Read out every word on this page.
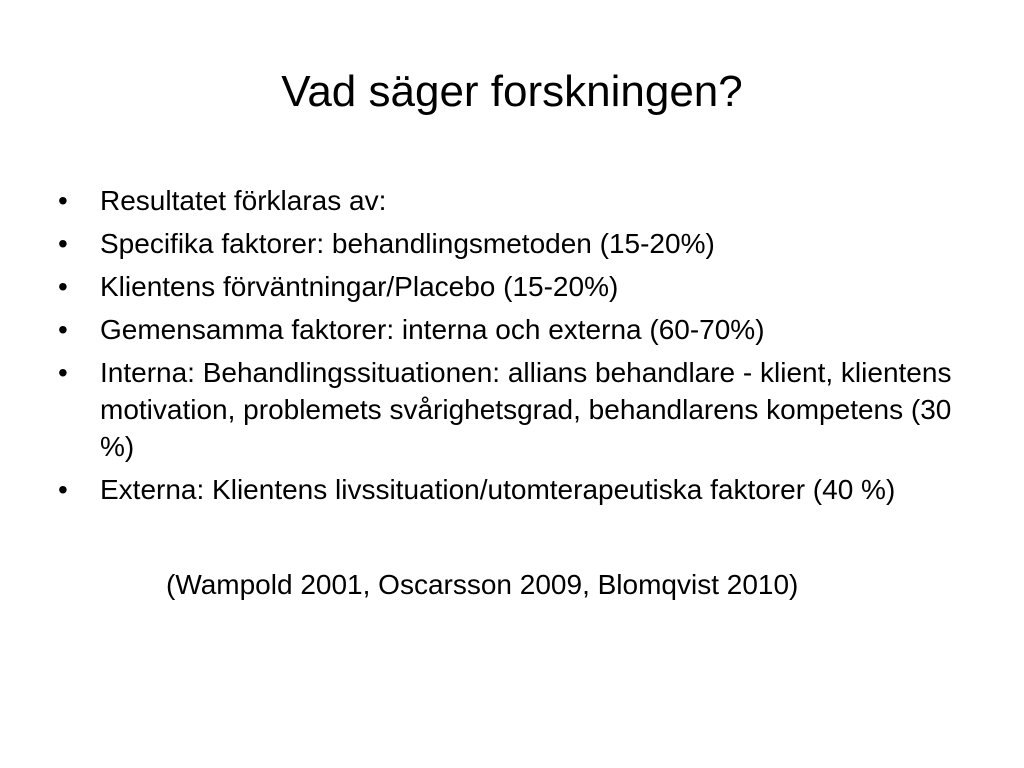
Vad säger forskningen?
•	Resultatet förklaras av:
•	Specifika faktorer: behandlingsmetoden (15-20%)
•	Klientens förväntningar/Placebo (15-20%)
•	Gemensamma faktorer: interna och externa (60-70%)
•	Interna: Behandlingssituationen: allians behandlare - klient, klientens motivation, problemets svårighetsgrad, behandlarens kompetens (30 %)
•	Externa: Klientens livssituation/utomterapeutiska faktorer (40 %)

(Wampold 2001, Oscarsson 2009, Blomqvist 2010)
